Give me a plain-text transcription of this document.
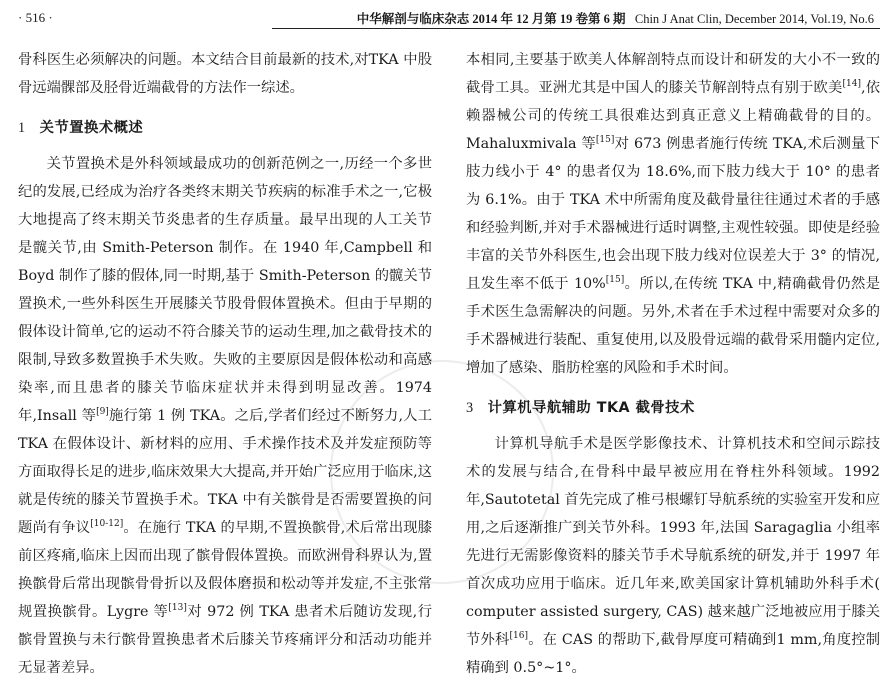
· 516 ·	中华解剖与临床杂志 2014 年 12 月第 19 卷第 6 期 Chin J Anat Clin, December 2014, Vol.19, No.6

骨科医生必须解决的问题。本文结合目前最新的技术,对TKA 中股骨远端髁部及胫骨近端截骨的方法作一综述。

1 关节置换术概述

关节置换术是外科领域最成功的创新范例之一,历经一个多世纪的发展,已经成为治疗各类终末期关节疾病的标准手术之一,它极大地提高了终末期关节炎患者的生存质量。最早出现的人工关节是髋关节,由 Smith-Peterson 制作。在 1940 年,Campbell 和 Boyd 制作了膝的假体,同一时期,基于 Smith-Peterson 的髋关节置换术,一些外科医生开展膝关节股骨假体置换术。但由于早期的假体设计简单,它的运动不符合膝关节的运动生理,加之截骨技术的限制,导致多数置换手术失败。失败的主要原因是假体松动和高感染率,而且患者的膝关节临床症状并未得到明显改善。1974 年,Insall 等[9]施行第 1 例 TKA。之后,学者们经过不断努力,人工 TKA 在假体设计、新材料的应用、手术操作技术及并发症预防等方面取得长足的进步,临床效果大大提高,并开始广泛应用于临床,这就是传统的膝关节置换手术。TKA 中有关髌骨是否需要置换的问题尚有争议[10-12]。在施行 TKA 的早期,不置换髌骨,术后常出现膝前区疼痛,临床上因而出现了髌骨假体置换。而欧洲骨科界认为,置换髌骨后常出现髌骨骨折以及假体磨损和松动等并发症,不主张常规置换髌骨。Lygre 等[13]对 972 例 TKA 患者术后随访发现,行髌骨置换与未行髌骨置换患者术后膝关节疼痛评分和活动功能并无显著差异。

本相同,主要基于欧美人体解剖特点而设计和研发的大小不一致的截骨工具。亚洲尤其是中国人的膝关节解剖特点有别于欧美[14],依赖器械公司的传统工具很难达到真正意义上精确截骨的目的。Mahaluxmivala 等[15]对 673 例患者施行传统 TKA,术后测量下肢力线小于 4° 的患者仅为 18.6%,而下肢力线大于 10° 的患者为 6.1%。由于 TKA 术中所需角度及截骨量往往通过术者的手感和经验判断,并对手术器械进行适时调整,主观性较强。即使是经验丰富的关节外科医生,也会出现下肢力线对位误差大于 3° 的情况,且发生率不低于 10%[15]。所以,在传统 TKA 中,精确截骨仍然是手术医生急需解决的问题。另外,术者在手术过程中需要对众多的手术器械进行装配、重复使用,以及股骨远端的截骨采用髓内定位,增加了感染、脂肪栓塞的风险和手术时间。

3 计算机导航辅助 TKA 截骨技术

计算机导航手术是医学影像技术、计算机技术和空间示踪技术的发展与结合,在骨科中最早被应用在脊柱外科领域。1992 年,Sautotetal 首先完成了椎弓根螺钉导航系统的实验室开发和应用,之后逐渐推广到关节外科。1993 年,法国 Saragaglia 小组率先进行无需影像资料的膝关节手术导航系统的研发,并于 1997 年首次成功应用于临床。近几年来,欧美国家计算机辅助外科手术( computer assisted surgery, CAS) 越来越广泛地被应用于膝关节外科[16]。在 CAS 的帮助下,截骨厚度可精确到1 mm,角度控制精确到 0.5°~1°。
